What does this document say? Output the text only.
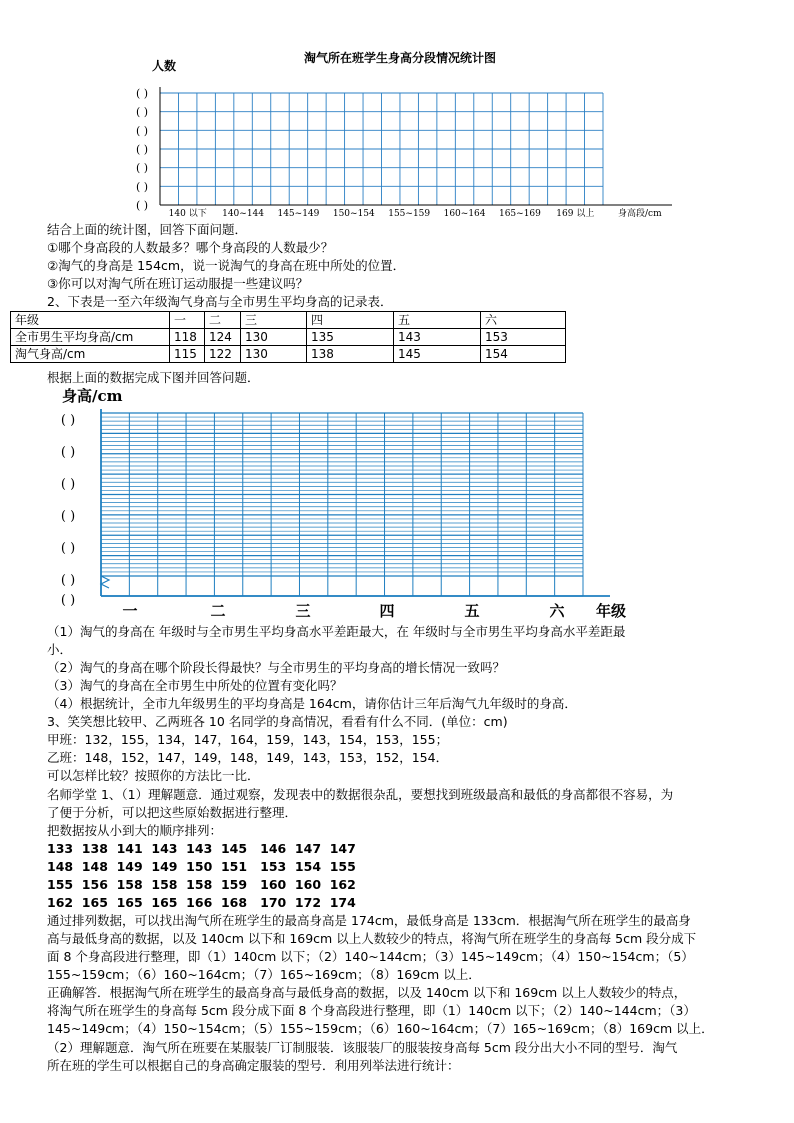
淘气所在班学生身高分段情况统计图
人数
( )
( )
( )
( )
( )
( )
( )
140 以下 140~144 145~149 150~154 155~159 160~164 165~169 169 以上	身高段/cm
结合上面的统计图，回答下面问题．
①哪个身高段的人数最多？哪个身高段的人数最少？
②淘气的身高是 154cm，说一说淘气的身高在班中所处的位置．
③你可以对淘气所在班订运动服提一些建议吗？
2、下表是一至六年级淘气身高与全市男生平均身高的记录表．
年级	一	二	三	四	五	六
全市男生平均身高/cm	118	124	130	135	143	153
淘气身高/cm	115	122	130	138	145	154
根据上面的数据完成下图并回答问题．
身高/cm
( )
( )
( )
( )
( )
( )
( )
一	二	三	四	五	六 年级
（1）淘气的身高在 年级时与全市男生平均身高水平差距最大，在 年级时与全市男生平均身高水平差距最
小．
（2）淘气的身高在哪个阶段长得最快？与全市男生的平均身高的增长情况一致吗？
（3）淘气的身高在全市男生中所处的位置有变化吗？
（4）根据统计，全市九年级男生的平均身高是 164cm，请你估计三年后淘气九年级时的身高．
3、笑笑想比较甲、乙两班各 10 名同学的身高情况，看看有什么不同．(单位：cm)
甲班：132，155，134，147，164，159，143，154，153，155；
乙班：148，152，147，149，148，149，143，153，152，154．
可以怎样比较？按照你的方法比一比．
名师学堂 1、（1）理解题意．通过观察，发现表中的数据很杂乱，要想找到班级最高和最低的身高都很不容易，为
了便于分析，可以把这些原始数据进行整理．
把数据按从小到大的顺序排列：
133  138  141  143  143  145   146  147  147
148  148  149  149  150  151   153  154  155
155  156  158  158  158  159   160  160  162
162  165  165  165  166  168   170  172  174
通过排列数据，可以找出淘气所在班学生的最高身高是 174cm，最低身高是 133cm．根据淘气所在班学生的最高身
高与最低身高的数据，以及 140cm 以下和 169cm 以上人数较少的特点，将淘气所在班学生的身高每 5cm 段分成下
面 8 个身高段进行整理，即（1）140cm 以下；（2）140~144cm；（3）145~149cm；（4）150~154cm；（5）
155~159cm；（6）160~164cm；（7）165~169cm；（8）169cm 以上．
正确解答．根据淘气所在班学生的最高身高与最低身高的数据，以及 140cm 以下和 169cm 以上人数较少的特点，
将淘气所在班学生的身高每 5cm 段分成下面 8 个身高段进行整理，即（1）140cm 以下；（2）140~144cm；（3）
145~149cm；（4）150~154cm；（5）155~159cm；（6）160~164cm；（7）165~169cm；（8）169cm 以上．
（2）理解题意．淘气所在班要在某服装厂订制服装．该服装厂的服装按身高每 5cm 段分出大小不同的型号．淘气
所在班的学生可以根据自己的身高确定服装的型号．利用列举法进行统计：
